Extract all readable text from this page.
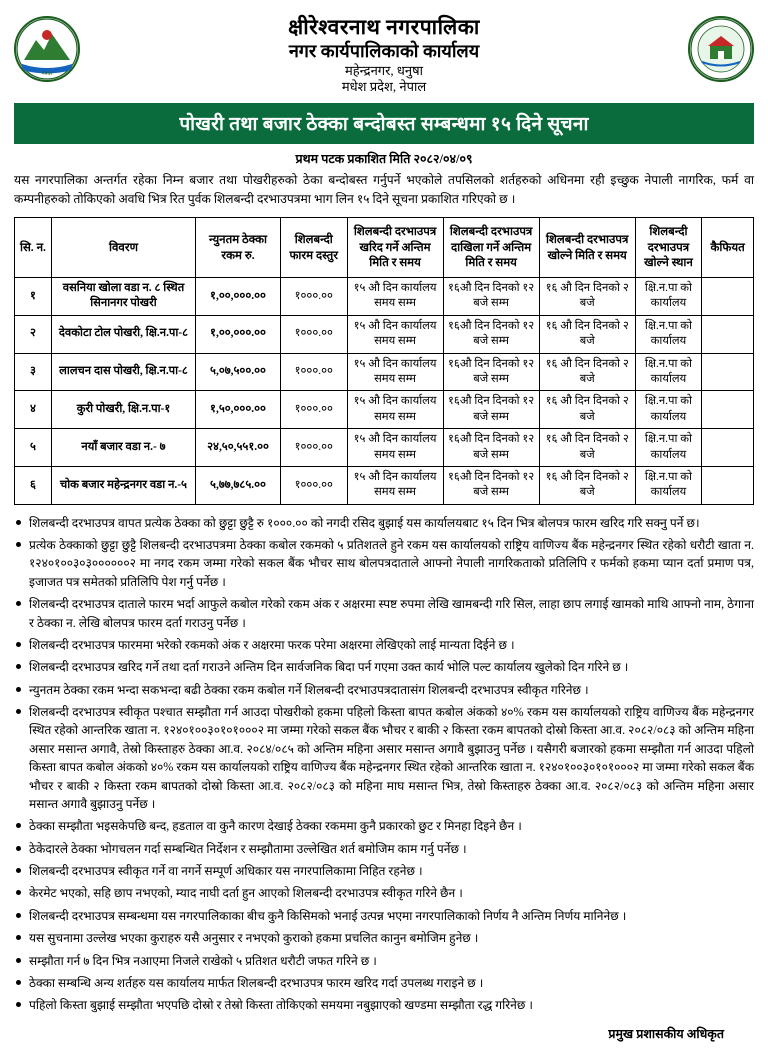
नेपाल
क्षीरेश्वरनाथ नगरपालिका
नगर कार्यपालिकाको कार्यालय
महेन्द्रनगर, धनुषा
मधेश प्रदेश, नेपाल
पोखरी तथा बजार ठेक्का बन्दोबस्त सम्बन्धमा १५ दिने सूचना
प्रथम पटक प्रकाशित मिति २०८२/०४/०९

यस नगरपालिका अन्तर्गत रहेका निम्न बजार तथा पोखरीहरुको ठेका बन्दोबस्त गर्नुपर्ने भएकोले तपसिलको शर्तहरुको अधिनमा रही इच्छुक नेपाली नागरिक, फर्म वा कम्पनीहरुको तोकिएको अवधि भित्र रित पुर्वक शिलबन्दी दरभाउपत्रमा भाग लिन १५ दिने सूचना प्रकाशित गरिएको छ ।

सि. न.	विवरण	न्युनतम ठेक्का रकम रु.	शिलबन्दी फारम दस्तुर	शिलबन्दी दरभाउपत्र खरिद गर्ने अन्तिम मिति र समय	शिलबन्दी दरभाउपत्र दाखिला गर्ने अन्तिम मिति र समय	शिलबन्दी दरभाउपत्र खोल्ने मिति र समय	शिलबन्दी दरभाउपत्र खोल्ने स्थान	कैफियत
१	वसनिया खोला वडा न. ८ स्थित सिनानगर पोखरी	१,००,०००.००	१०००.००	१५ औ दिन कार्यालय समय सम्म	१६औ दिन दिनको १२ बजे सम्म	१६ औ दिन दिनको २ बजे	क्षि.न.पा को कार्यालय	
२	देवकोटा टोल पोखरी, क्षि.न.पा-८	१,००,०००.००	१०००.००	१५ औ दिन कार्यालय समय सम्म	१६औ दिन दिनको १२ बजे सम्म	१६ औ दिन दिनको २ बजे	क्षि.न.पा को कार्यालय	
३	लालचन दास पोखरी, क्षि.न.पा-८	५,०७,५००.००	१०००.००	१५ औ दिन कार्यालय समय सम्म	१६औ दिन दिनको १२ बजे सम्म	१६ औ दिन दिनको २ बजे	क्षि.न.पा को कार्यालय	
४	कुरी पोखरी, क्षि.न.पा-१	१,५०,०००.००	१०००.००	१५ औ दिन कार्यालय समय सम्म	१६औ दिन दिनको १२ बजे सम्म	१६ औ दिन दिनको २ बजे	क्षि.न.पा को कार्यालय	
५	नयाँ बजार वडा न.- ७	२४,५०,५५१.००	१०००.००	१५ औ दिन कार्यालय समय सम्म	१६औ दिन दिनको १२ बजे सम्म	१६ औ दिन दिनको २ बजे	क्षि.न.पा को कार्यालय	
६	चोक बजार महेन्द्रनगर वडा न.-५	५,७७,७८५.००	१०००.००	१५ औ दिन कार्यालय समय सम्म	१६औ दिन दिनको १२ बजे सम्म	१६ औ दिन दिनको २ बजे	क्षि.न.पा को कार्यालय	
शिलबन्दी दरभाउपत्र वापत प्रत्येक ठेक्का को छुट्टा छुट्टै रु १०००.०० को नगदी रसिद बुझाई यस कार्यालयबाट १५ दिन भित्र बोलपत्र फारम खरिद गरि सक्नु पर्ने छ।
प्रत्येक ठेक्काको छुट्टा छुट्टै शिलबन्दी दरभाउपत्रमा ठेक्का कबोल रकमको ५ प्रतिशतले हुने रकम यस कार्यालयको राष्ट्रिय वाणिज्य बैंक महेन्द्रनगर स्थित रहेको धरौटी खाता न. १२४०१००३०३००००००२ मा नगद रकम जम्मा गरेको सकल बैंक भौचर साथ बोलपत्रदाताले आफ्नो नेपाली नागरिकताको प्रतिलिपि र फर्मको हकमा प्यान दर्ता प्रमाण पत्र, इजाजत पत्र समेतको प्रतिलिपि पेश गर्नु पर्नेछ ।
शिलबन्दी दरभाउपत्र दाताले फारम भर्दा आफुले कबोल गरेको रकम अंक र अक्षरमा स्पष्ट रुपमा लेखि खामबन्दी गरि सिल, लाहा छाप लगाई खामको माथि आफ्नो नाम, ठेगाना र ठेक्का न. लेखि बोलपत्र फारम दर्ता गराउनु पर्नेछ ।
शिलबन्दी दरभाउपत्र फारममा भरेको रकमको अंक र अक्षरमा फरक परेमा अक्षरमा लेखिएको लाई मान्यता दिईने छ ।
शिलबन्दी दरभाउपत्र खरिद गर्ने तथा दर्ता गराउने अन्तिम दिन सार्वजनिक बिदा पर्न गएमा उक्त कार्य भोलि पल्ट कार्यालय खुलेको दिन गरिने छ ।
न्युनतम ठेक्का रकम भन्दा सकभन्दा बढी ठेक्का रकम कबोल गर्ने शिलबन्दी दरभाउपत्रदातासंग शिलबन्दी दरभाउपत्र स्वीकृत गरिनेछ ।
शिलबन्दी दरभाउपत्र स्वीकृत पश्चात सम्झौता गर्न आउदा पोखरीको हकमा पहिलो किस्ता बापत कबोल अंकको ४०% रकम यस कार्यालयको राष्ट्रिय वाणिज्य बैंक महेन्द्रनगर स्थित रहेको आन्तरिक खाता न. १२४०१००३०१०१०००२ मा जम्मा गरेको सकल बैंक भौचर र बाकी २ किस्ता रकम बापतको दोस्रो किस्ता आ.व. २०८२/०८३ को अन्तिम महिना असार मसान्त अगावै, तेस्रो किस्ताहरु ठेक्का आ.व. २०८४/०८५ को अन्तिम महिना असार मसान्त अगावै बुझाउनु पर्नेछ । यसैगरी बजारको हकमा सम्झौता गर्न आउदा पहिलो किस्ता बापत कबोल अंकको ४०% रकम यस कार्यालयको राष्ट्रिय वाणिज्य बैंक महेन्द्रनगर स्थित रहेको आन्तरिक खाता न. १२४०१००३०१०१०००२ मा जम्मा गरेको सकल बैंक भौचर र बाकी २ किस्ता रकम बापतको दोस्रो किस्ता आ.व. २०८२/०८३ को महिना माघ मसान्त भित्र, तेस्रो किस्ताहरु ठेक्का आ.व. २०८२/०८३ को अन्तिम महिना असार मसान्त अगावै बुझाउनु पर्नेछ ।
ठेक्का सम्झौता भइसकेपछि बन्द, हडताल वा कुनै कारण देखाई ठेक्का रकममा कुनै प्रकारको छुट र मिनहा दिइने छैन ।
ठेकेदारले ठेक्का भोगचलन गर्दा सम्बन्धित निर्देशन र सम्झौतामा उल्लेखित शर्त बमोजिम काम गर्नु पर्नेछ ।
शिलबन्दी दरभाउपत्र स्वीकृत गर्ने वा नगर्ने सम्पूर्ण अधिकार यस नगरपालिकामा निहित रहनेछ ।
केरमेट भएको, सहि छाप नभएको, म्याद नाघी दर्ता हुन आएको शिलबन्दी दरभाउपत्र स्वीकृत गरिने छैन ।
शिलबन्दी दरभाउपत्र सम्बन्धमा यस नगरपालिकाका बीच कुनै किसिमको भनाई उत्पन्न भएमा नगरपालिकाको निर्णय नै अन्तिम निर्णय मानिनेछ ।
यस सुचनामा उल्लेख भएका कुराहरु यसै अनुसार र नभएको कुराको हकमा प्रचलित कानुन बमोजिम हुनेछ ।
सम्झौता गर्न ७ दिन भित्र नआएमा निजले राखेको ५ प्रतिशत धरौटी जफत गरिने छ ।
ठेक्का सम्बन्धि अन्य शर्तहरु यस कार्यालय मार्फत शिलबन्दी दरभाउपत्र फारम खरिद गर्दा उपलब्ध गराइने छ ।
पहिलो किस्ता बुझाई सम्झौता भएपछि दोस्रो र तेस्रो किस्ता तोकिएको समयमा नबुझाएको खण्डमा सम्झौता रद्ध गरिनेछ ।
प्रमुख प्रशासकीय अधिकृत
